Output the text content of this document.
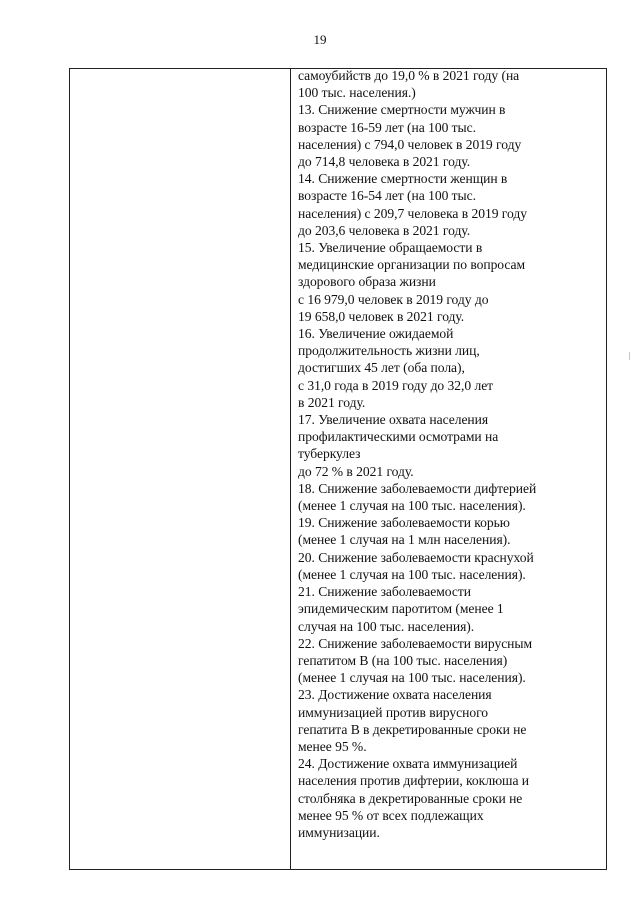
19
самоубийств до 19,0 % в 2021 году (на
100 тыс. населения.)
13. Снижение смертности мужчин в
возрасте 16-59 лет (на 100 тыс.
населения) с 794,0 человек в 2019 году
до 714,8 человека в 2021 году.
14. Снижение смертности женщин в
возрасте 16-54 лет (на 100 тыс.
населения) с 209,7 человека в 2019 году
до 203,6 человека в 2021 году.
15. Увеличение обращаемости в
медицинские организации по вопросам
здорового образа жизни
с 16 979,0 человек в 2019 году до
19 658,0 человек в 2021 году.
16. Увеличение ожидаемой
продолжительность жизни лиц,
достигших 45 лет (оба пола),
с 31,0 года в 2019 году до 32,0 лет
в 2021 году.
17. Увеличение охвата населения
профилактическими осмотрами на
туберкулез
до 72 % в 2021 году.
18. Снижение заболеваемости дифтерией
(менее 1 случая на 100 тыс. населения).
19. Снижение заболеваемости корью
(менее 1 случая на 1 млн населения).
20. Снижение заболеваемости краснухой
(менее 1 случая на 100 тыс. населения).
21. Снижение заболеваемости
эпидемическим паротитом (менее 1
случая на 100 тыс. населения).
22. Снижение заболеваемости вирусным
гепатитом В (на 100 тыс. населения)
(менее 1 случая на 100 тыс. населения).
23. Достижение охвата населения
иммунизацией против вирусного
гепатита В в декретированные сроки не
менее 95 %.
24. Достижение охвата иммунизацией
населения против дифтерии, коклюша и
столбняка в декретированные сроки не
менее 95 % от всех подлежащих
иммунизации.
